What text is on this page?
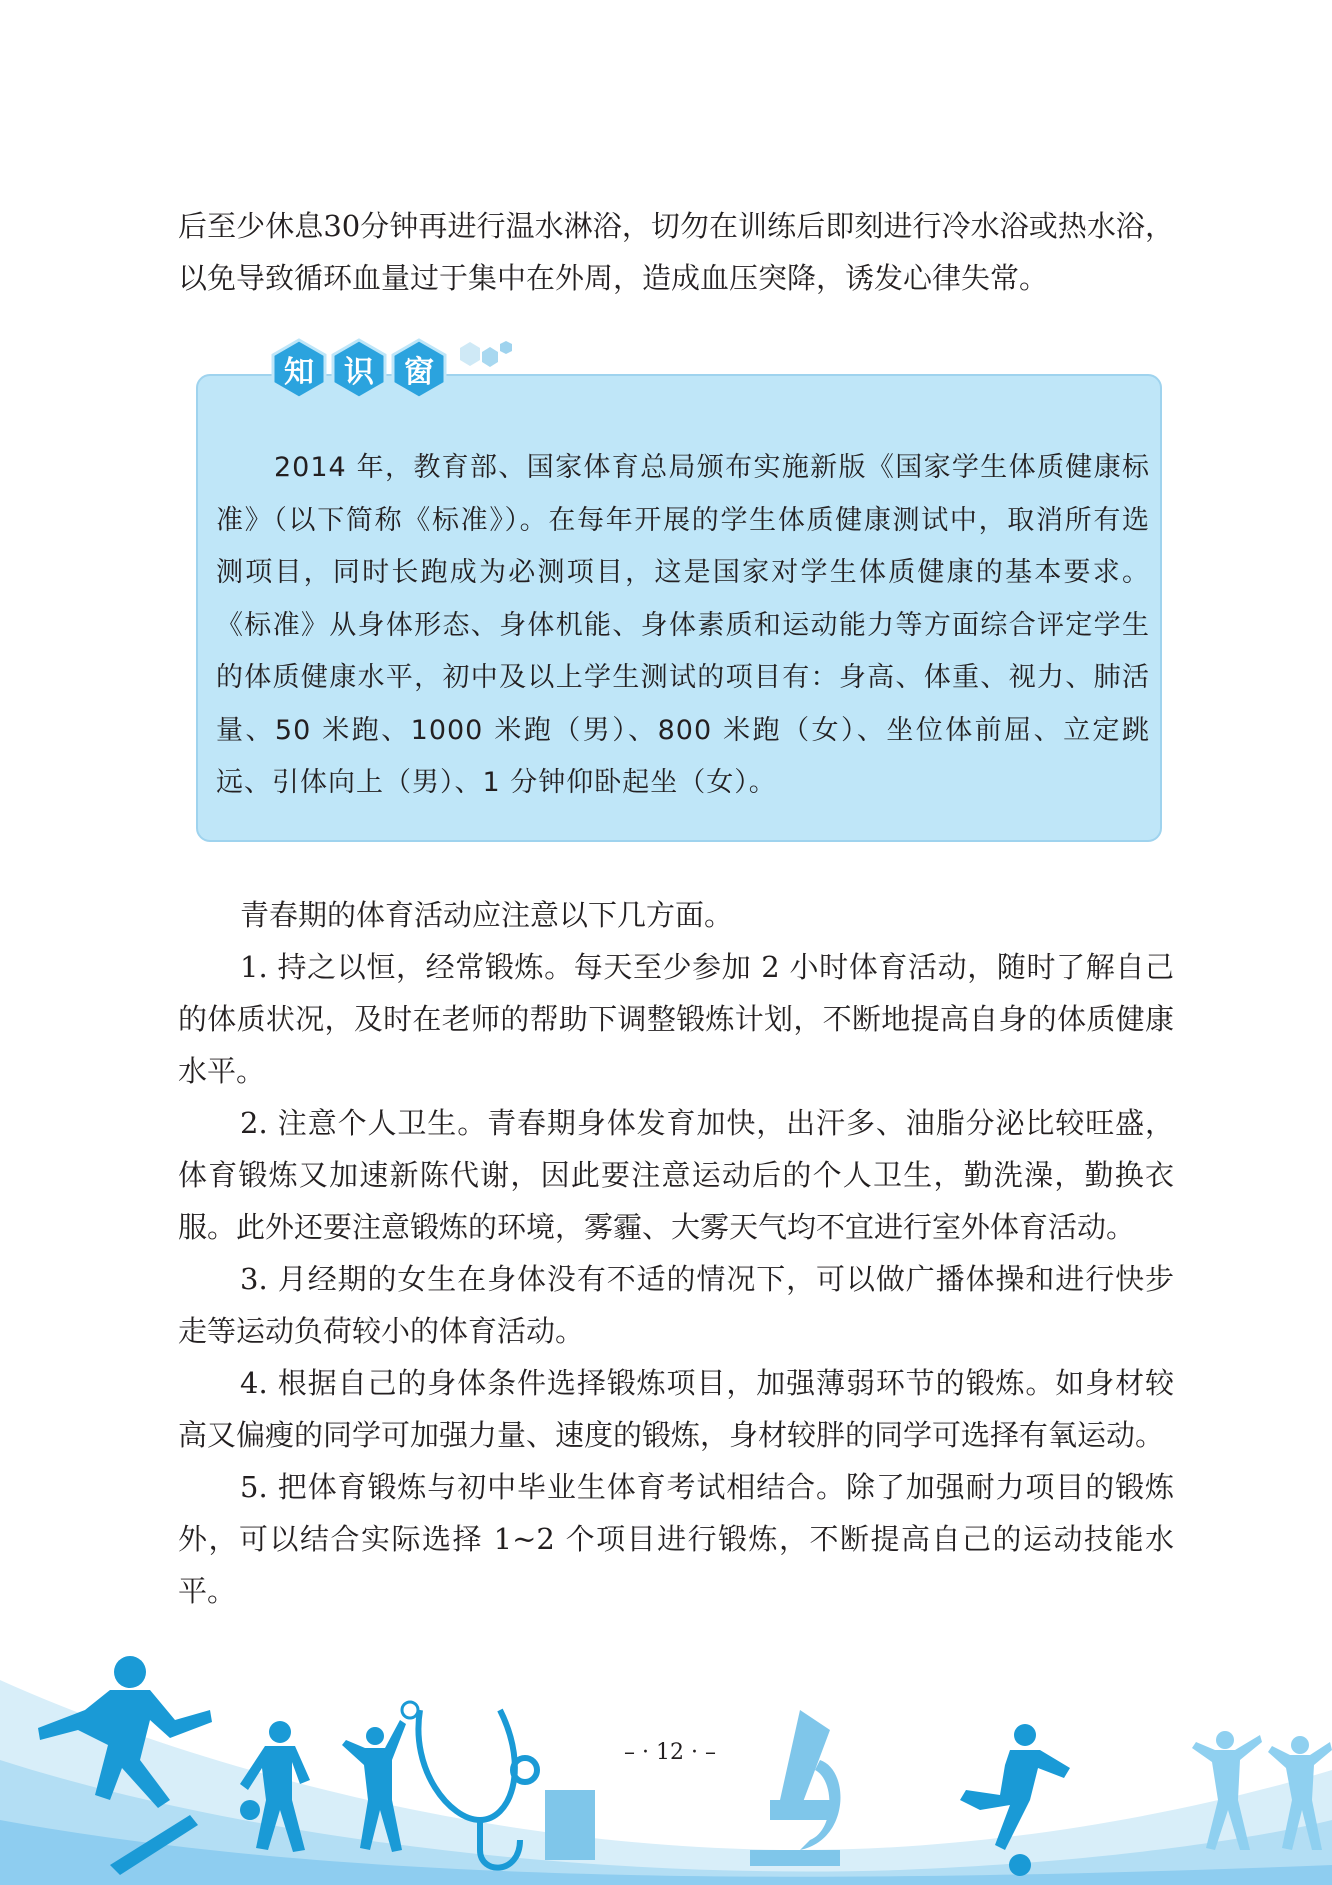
后至少休息30分钟再进行温水淋浴，切勿在训练后即刻进行冷水浴或热水浴，以免导致循环血量过于集中在外周，造成血压突降，诱发心律失常。

知 识 窗

2014 年，教育部、国家体育总局颁布实施新版《国家学生体质健康标准》（以下简称《标准》）。在每年开展的学生体质健康测试中，取消所有选测项目，同时长跑成为必测项目，这是国家对学生体质健康的基本要求。《标准》从身体形态、身体机能、身体素质和运动能力等方面综合评定学生的体质健康水平，初中及以上学生测试的项目有：身高、体重、视力、肺活量、50 米跑、1000 米跑（男）、800 米跑（女）、坐位体前屈、立定跳远、引体向上（男）、1 分钟仰卧起坐（女）。

青春期的体育活动应注意以下几方面。

1. 持之以恒，经常锻炼。每天至少参加 2 小时体育活动，随时了解自己的体质状况，及时在老师的帮助下调整锻炼计划，不断地提高自身的体质健康水平。

2. 注意个人卫生。青春期身体发育加快，出汗多、油脂分泌比较旺盛，体育锻炼又加速新陈代谢，因此要注意运动后的个人卫生，勤洗澡，勤换衣服。此外还要注意锻炼的环境，雾霾、大雾天气均不宜进行室外体育活动。

3. 月经期的女生在身体没有不适的情况下，可以做广播体操和进行快步走等运动负荷较小的体育活动。

4. 根据自己的身体条件选择锻炼项目，加强薄弱环节的锻炼。如身材较高又偏瘦的同学可加强力量、速度的锻炼，身材较胖的同学可选择有氧运动。

5. 把体育锻炼与初中毕业生体育考试相结合。除了加强耐力项目的锻炼外，可以结合实际选择 1~2 个项目进行锻炼，不断提高自己的运动技能水平。

– · 12 · –
